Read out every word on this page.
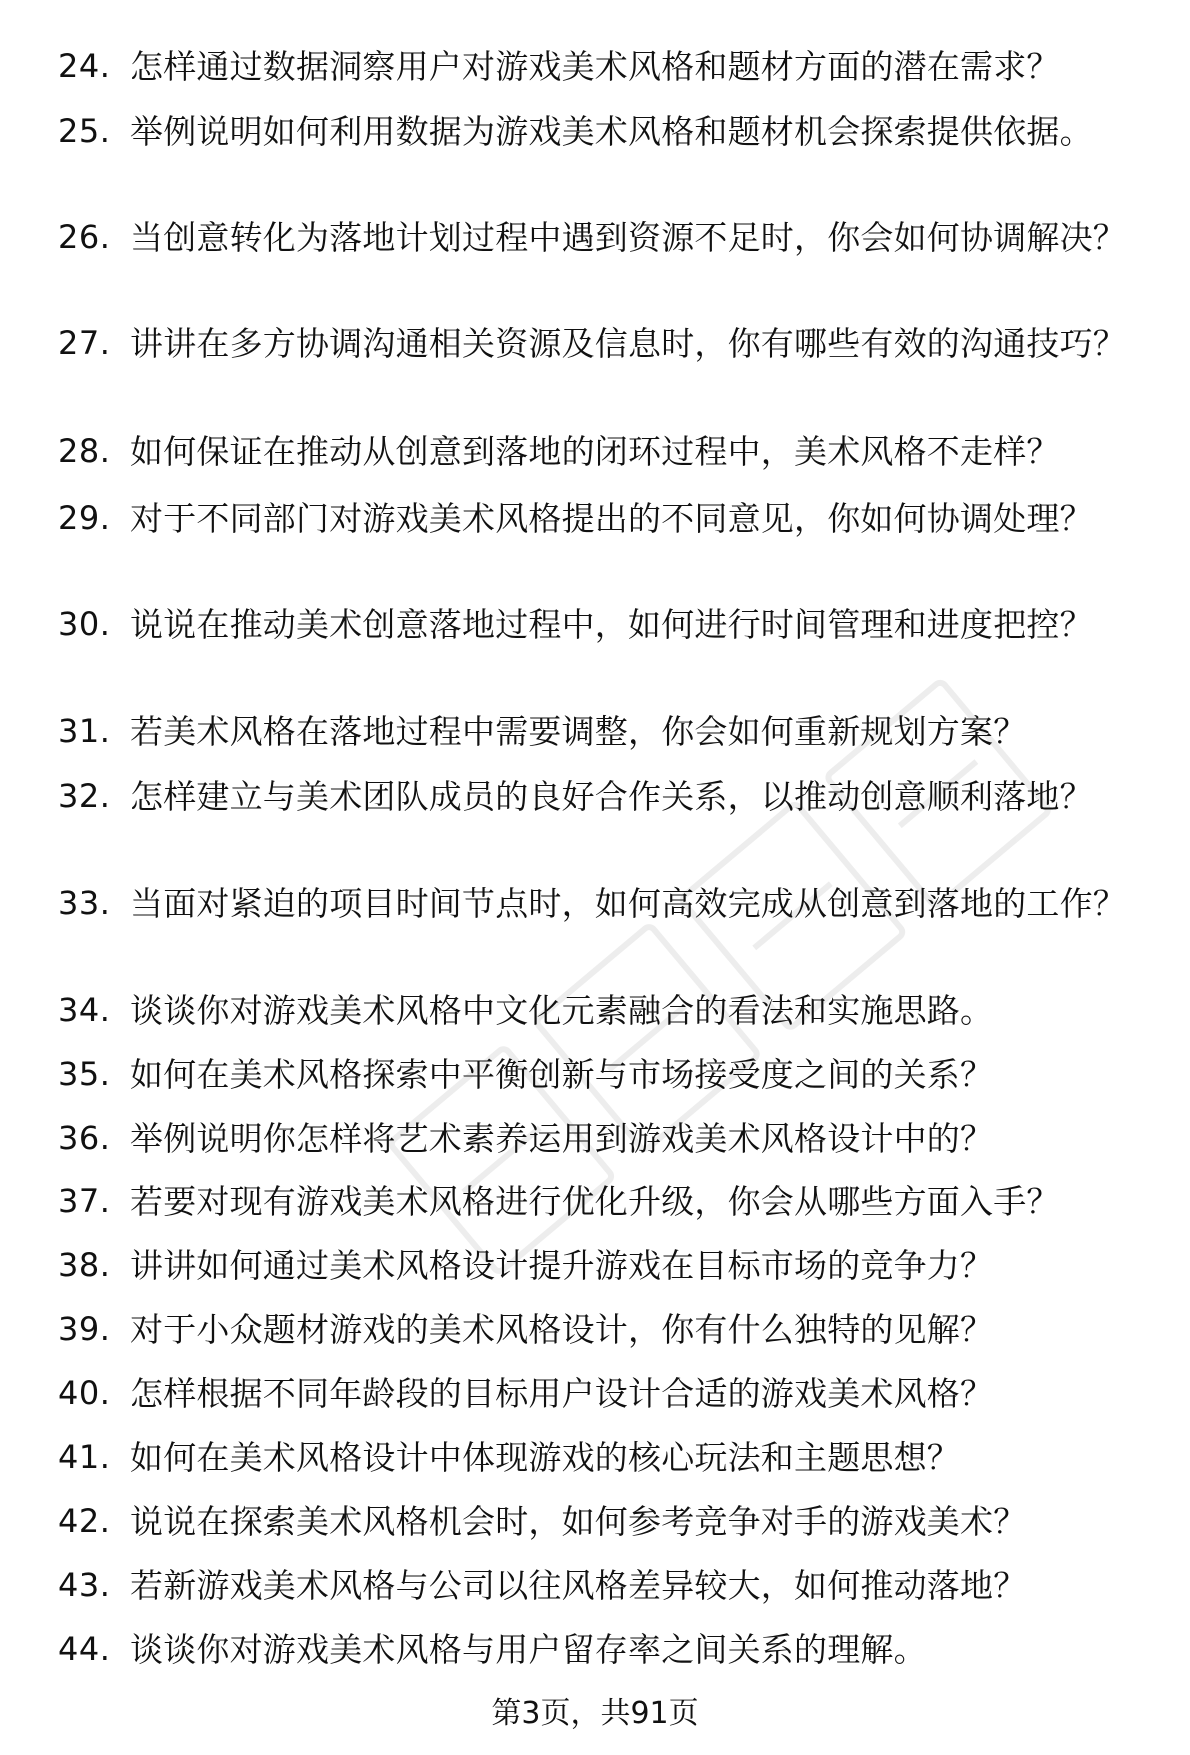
24. 怎样通过数据洞察用户对游戏美术风格和题材方面的潜在需求？
25. 举例说明如何利用数据为游戏美术风格和题材机会探索提供依据。
26. 当创意转化为落地计划过程中遇到资源不足时，你会如何协调解决？
27. 讲讲在多方协调沟通相关资源及信息时，你有哪些有效的沟通技巧？
28. 如何保证在推动从创意到落地的闭环过程中，美术风格不走样？
29. 对于不同部门对游戏美术风格提出的不同意见，你如何协调处理？
30. 说说在推动美术创意落地过程中，如何进行时间管理和进度把控？
31. 若美术风格在落地过程中需要调整，你会如何重新规划方案？
32. 怎样建立与美术团队成员的良好合作关系，以推动创意顺利落地？
33. 当面对紧迫的项目时间节点时，如何高效完成从创意到落地的工作？
34. 谈谈你对游戏美术风格中文化元素融合的看法和实施思路。
35. 如何在美术风格探索中平衡创新与市场接受度之间的关系？
36. 举例说明你怎样将艺术素养运用到游戏美术风格设计中的？
37. 若要对现有游戏美术风格进行优化升级，你会从哪些方面入手？
38. 讲讲如何通过美术风格设计提升游戏在目标市场的竞争力？
39. 对于小众题材游戏的美术风格设计，你有什么独特的见解？
40. 怎样根据不同年龄段的目标用户设计合适的游戏美术风格？
41. 如何在美术风格设计中体现游戏的核心玩法和主题思想？
42. 说说在探索美术风格机会时，如何参考竞争对手的游戏美术？
43. 若新游戏美术风格与公司以往风格差异较大，如何推动落地？
44. 谈谈你对游戏美术风格与用户留存率之间关系的理解。
第3页，共91页
